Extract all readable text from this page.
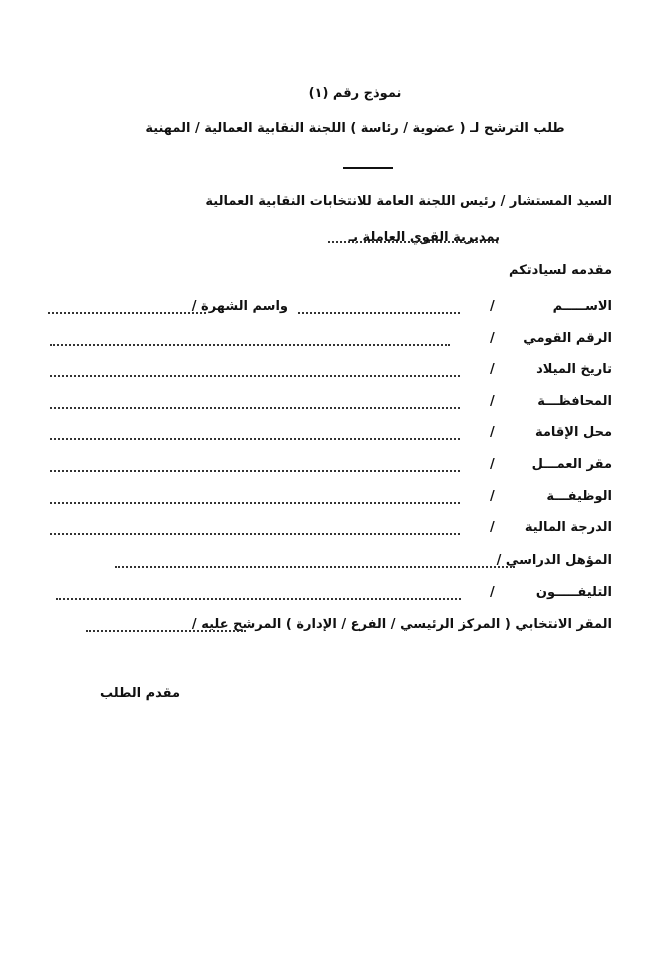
نموذج رقم (١)
طلب الترشح لـ ( عضوية / رئاسة ) اللجنة النقابية العمالية / المهنية
السيد المستشار / رئيس اللجنة العامة للانتخابات النقابية العمالية
بمديرية القوي العاملة بـ
مقدمه لسيادتكم
الاســـــم
/
واسم الشهرة /
الرقم القومي
/
تاريخ الميلاد
/
المحافظـــة
/
محل الإقامة
/
مقر العمـــل
/
الوظيفـــة
/
الدرجة المالية
/
المؤهل الدراسي /
التليفـــــون
/
المقر الانتخابي ( المركز الرئيسي / الفرع / الإدارة ) المرشح عليه /
مقدم الطلب
